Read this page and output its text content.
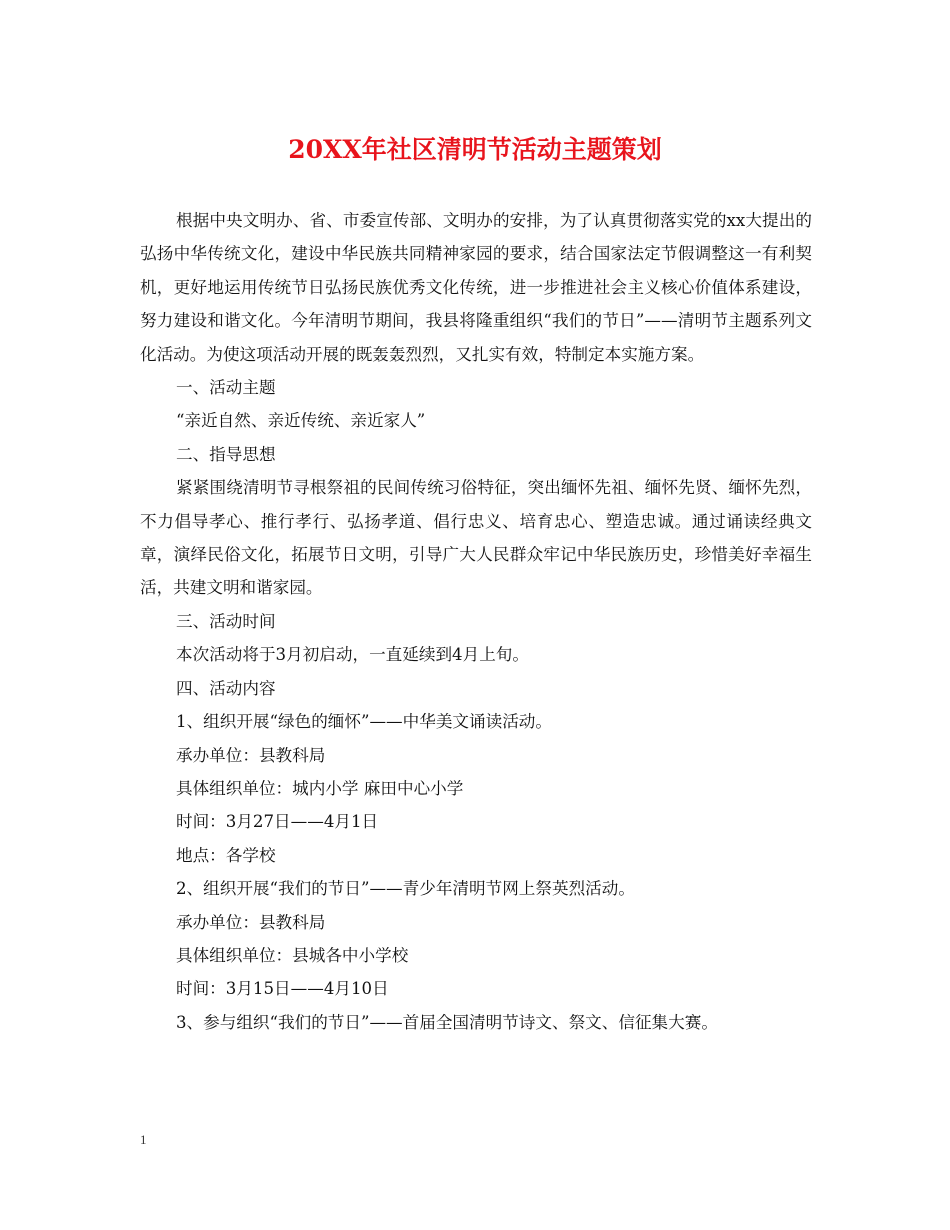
20XX年社区清明节活动主题策划

根据中央文明办、省、市委宣传部、文明办的安排，为了认真贯彻落实党的xx大提出的弘扬中华传统文化，建设中华民族共同精神家园的要求，结合国家法定节假调整这一有利契机，更好地运用传统节日弘扬民族优秀文化传统，进一步推进社会主义核心价值体系建设，努力建设和谐文化。今年清明节期间，我县将隆重组织“我们的节日”——清明节主题系列文化活动。为使这项活动开展的既轰轰烈烈，又扎实有效，特制定本实施方案。

一、活动主题

“亲近自然、亲近传统、亲近家人”

二、指导思想

紧紧围绕清明节寻根祭祖的民间传统习俗特征，突出缅怀先祖、缅怀先贤、缅怀先烈，不力倡导孝心、推行孝行、弘扬孝道、倡行忠义、培育忠心、塑造忠诚。通过诵读经典文章，演绎民俗文化，拓展节日文明，引导广大人民群众牢记中华民族历史，珍惜美好幸福生活，共建文明和谐家园。

三、活动时间

本次活动将于3月初启动，一直延续到4月上旬。

四、活动内容

1、组织开展“绿色的缅怀”——中华美文诵读活动。

承办单位：县教科局

具体组织单位：城内小学 麻田中心小学

时间：3月27日——4月1日

地点：各学校

2、组织开展“我们的节日”——青少年清明节网上祭英烈活动。

承办单位：县教科局

具体组织单位：县城各中小学校

时间：3月15日——4月10日

3、参与组织“我们的节日”——首届全国清明节诗文、祭文、信征集大赛。

1
